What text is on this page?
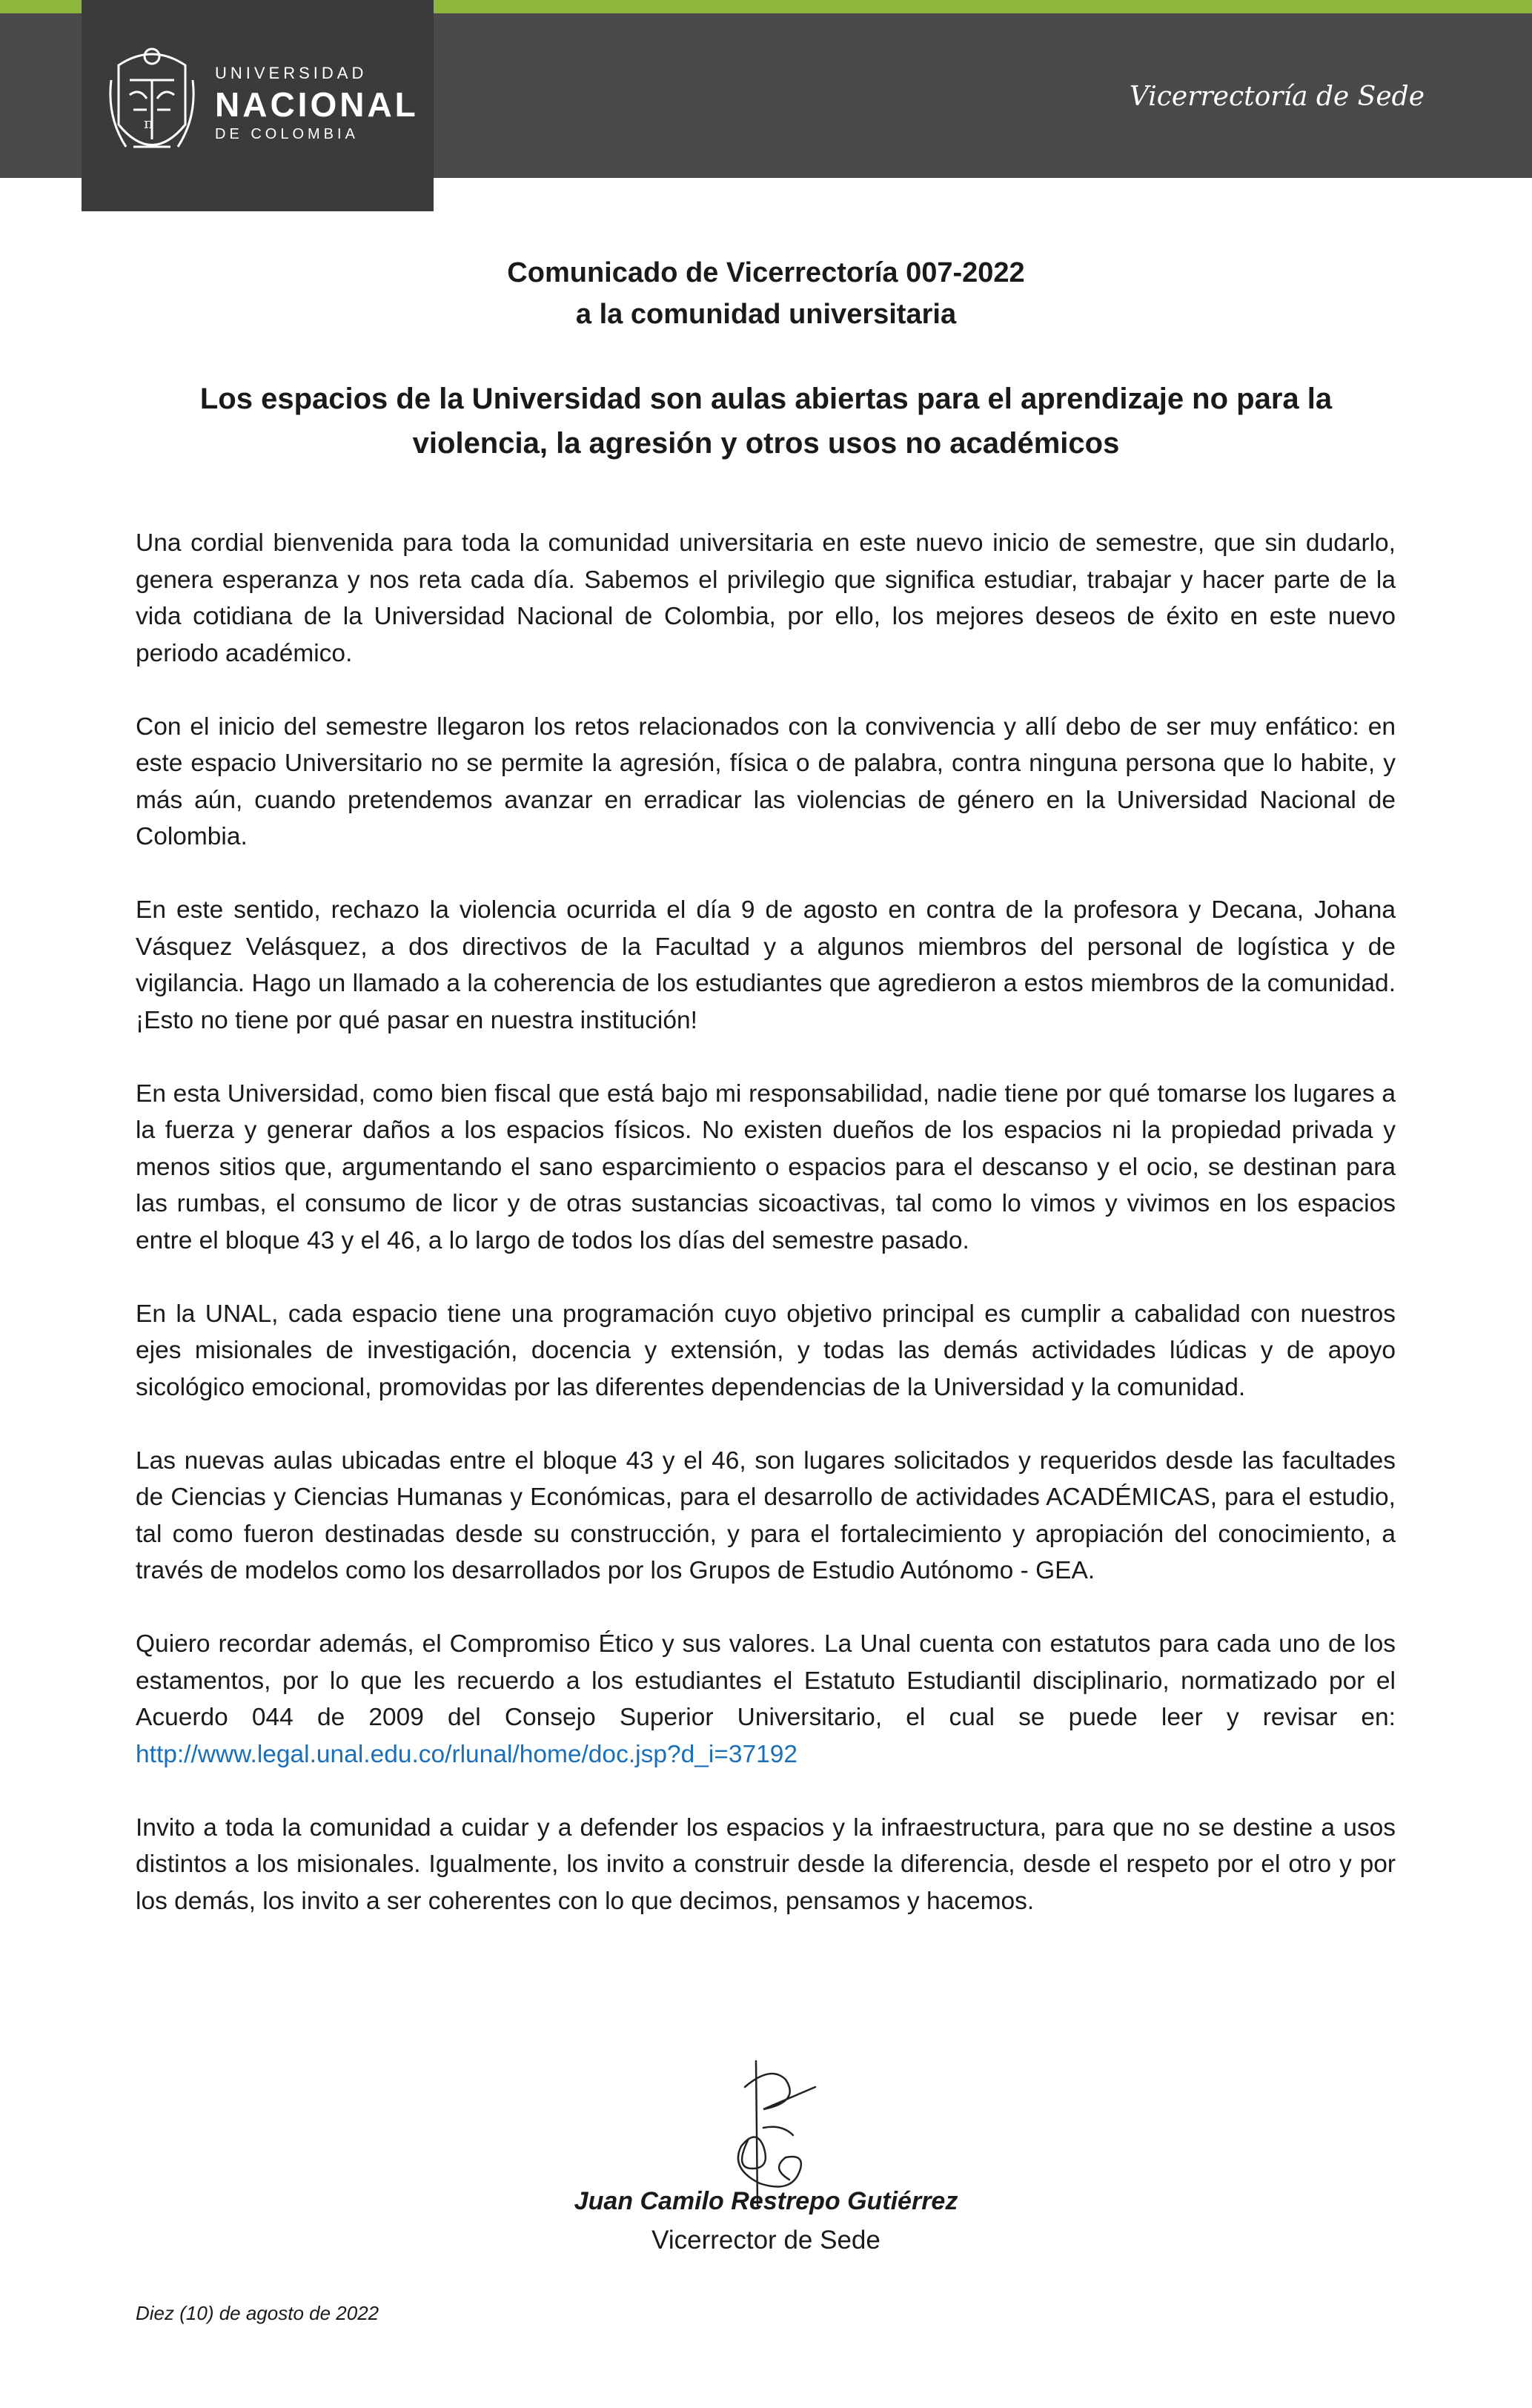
Vicerrectoría de Sede
π
UNIVERSIDAD
NACIONAL
DE COLOMBIA
Comunicado de Vicerrectoría 007-2022
a la comunidad universitaria
Los espacios de la Universidad son aulas abiertas para el aprendizaje no para la
violencia, la agresión y otros usos no académicos

Una cordial bienvenida para toda la comunidad universitaria en este nuevo inicio de semestre, que sin dudarlo, genera esperanza y nos reta cada día. Sabemos el privilegio que significa estudiar, trabajar y hacer parte de la vida cotidiana de la Universidad Nacional de Colombia, por ello, los mejores deseos de éxito en este nuevo periodo académico.

Con el inicio del semestre llegaron los retos relacionados con la convivencia y allí debo de ser muy enfático: en este espacio Universitario no se permite la agresión, física o de palabra, contra ninguna persona que lo habite, y más aún, cuando pretendemos avanzar en erradicar las violencias de género en la Universidad Nacional de Colombia.

En este sentido, rechazo la violencia ocurrida el día 9 de agosto en contra de la profesora y Decana, Johana Vásquez Velásquez, a dos directivos de la Facultad y a algunos miembros del personal de logística y de vigilancia. Hago un llamado a la coherencia de los estudiantes que agredieron a estos miembros de la comunidad. ¡Esto no tiene por qué pasar en nuestra institución!

En esta Universidad, como bien fiscal que está bajo mi responsabilidad, nadie tiene por qué tomarse los lugares a la fuerza y generar daños a los espacios físicos. No existen dueños de los espacios ni la propiedad privada y menos sitios que, argumentando el sano esparcimiento o espacios para el descanso y el ocio, se destinan para las rumbas, el consumo de licor y de otras sustancias sicoactivas, tal como lo vimos y vivimos en los espacios entre el bloque 43 y el 46, a lo largo de todos los días del semestre pasado.

En la UNAL, cada espacio tiene una programación cuyo objetivo principal es cumplir a cabalidad con nuestros ejes misionales de investigación, docencia y extensión, y todas las demás actividades lúdicas y de apoyo sicológico emocional, promovidas por las diferentes dependencias de la Universidad y la comunidad.

Las nuevas aulas ubicadas entre el bloque 43 y el 46, son lugares solicitados y requeridos desde las facultades de Ciencias y Ciencias Humanas y Económicas, para el desarrollo de actividades ACADÉMICAS, para el estudio, tal como fueron destinadas desde su construcción, y para el fortalecimiento y apropiación del conocimiento, a través de modelos como los desarrollados por los Grupos de Estudio Autónomo - GEA.

Quiero recordar además, el Compromiso Ético y sus valores. La Unal cuenta con estatutos para cada uno de los estamentos, por lo que les recuerdo a los estudiantes el Estatuto Estudiantil disciplinario, normatizado por el Acuerdo 044 de 2009 del Consejo Superior Universitario, el cual se puede leer y revisar en: http://www.legal.unal.edu.co/rlunal/home/doc.jsp?d_i=37192

Invito a toda la comunidad a cuidar y a defender los espacios y la infraestructura, para que no se destine a usos distintos a los misionales. Igualmente, los invito a construir desde la diferencia, desde el respeto por el otro y por los demás, los invito a ser coherentes con lo que decimos, pensamos y hacemos.

Juan Camilo Restrepo Gutiérrez
Vicerrector de Sede
Diez (10) de agosto de 2022
